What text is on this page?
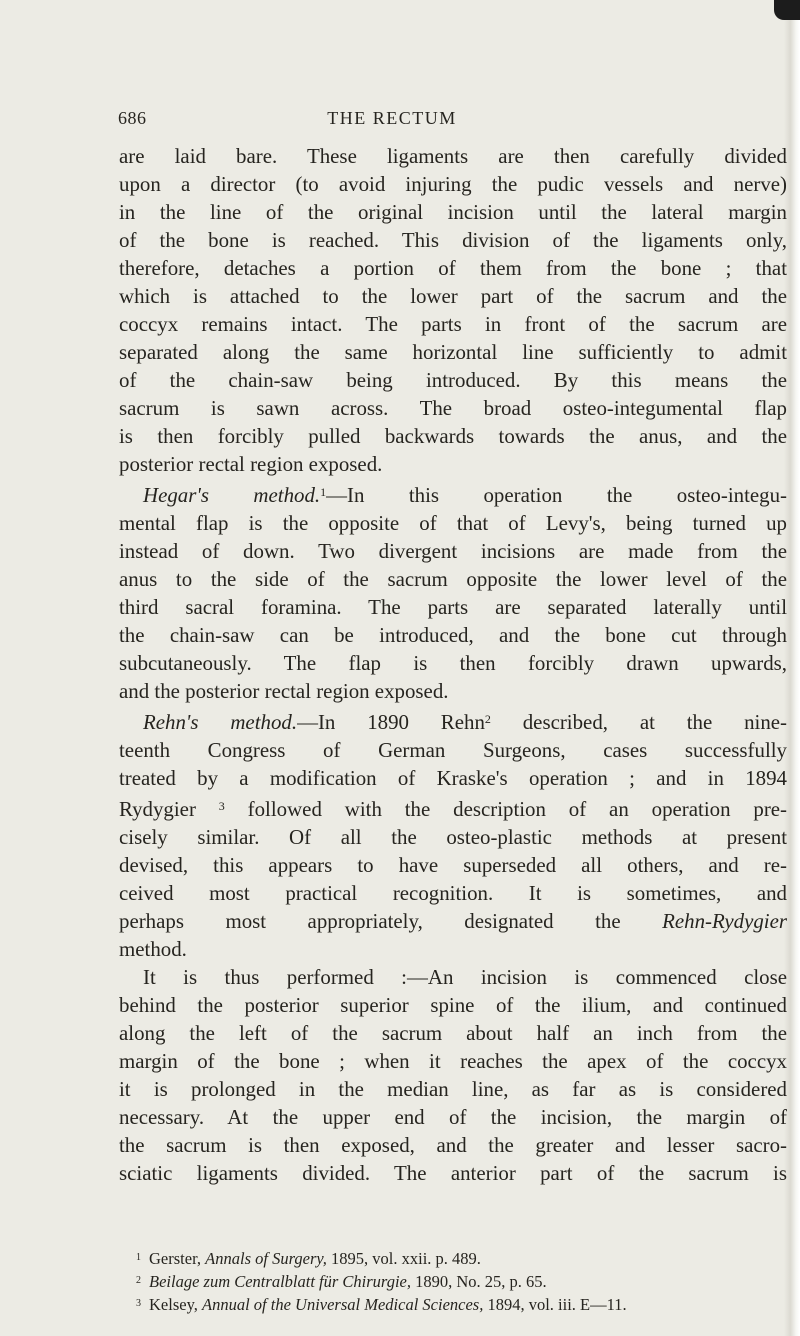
686	THE RECTUM
are laid bare. These ligaments are then carefully divided
upon a director (to avoid injuring the pudic vessels and nerve)
in the line of the original incision until the lateral margin
of the bone is reached. This division of the ligaments only,
therefore, detaches a portion of them from the bone ; that
which is attached to the lower part of the sacrum and the
coccyx remains intact. The parts in front of the sacrum are
separated along the same horizontal line sufficiently to admit
of the chain-saw being introduced. By this means the
sacrum is sawn across. The broad osteo-integumental flap
is then forcibly pulled backwards towards the anus, and the
posterior rectal region exposed.
Hegar's method.$^1$—In this operation the osteo-integu-
mental flap is the opposite of that of Levy's, being turned up
instead of down. Two divergent incisions are made from the
anus to the side of the sacrum opposite the lower level of the
third sacral foramina. The parts are separated laterally until
the chain-saw can be introduced, and the bone cut through
subcutaneously. The flap is then forcibly drawn upwards,
and the posterior rectal region exposed.
Rehn's method.—In 1890 Rehn$^2$ described, at the nine-
teenth Congress of German Surgeons, cases successfully
treated by a modification of Kraske's operation ; and in 1894
Rydygier $^3$ followed with the description of an operation pre-
cisely similar. Of all the osteo-plastic methods at present
devised, this appears to have superseded all others, and re-
ceived most practical recognition. It is sometimes, and
perhaps most appropriately, designated the Rehn-Rydygier
method.
It is thus performed :—An incision is commenced close
behind the posterior superior spine of the ilium, and continued
along the left of the sacrum about half an inch from the
margin of the bone ; when it reaches the apex of the coccyx
it is prolonged in the median line, as far as is considered
necessary. At the upper end of the incision, the margin of
the sacrum is then exposed, and the greater and lesser sacro-
sciatic ligaments divided. The anterior part of the sacrum is
$^1$ Gerster, Annals of Surgery, 1895, vol. xxii. p. 489.
$^2$ Beilage zum Centralblatt für Chirurgie, 1890, No. 25, p. 65.
$^3$ Kelsey, Annual of the Universal Medical Sciences, 1894, vol. iii. E—11.
